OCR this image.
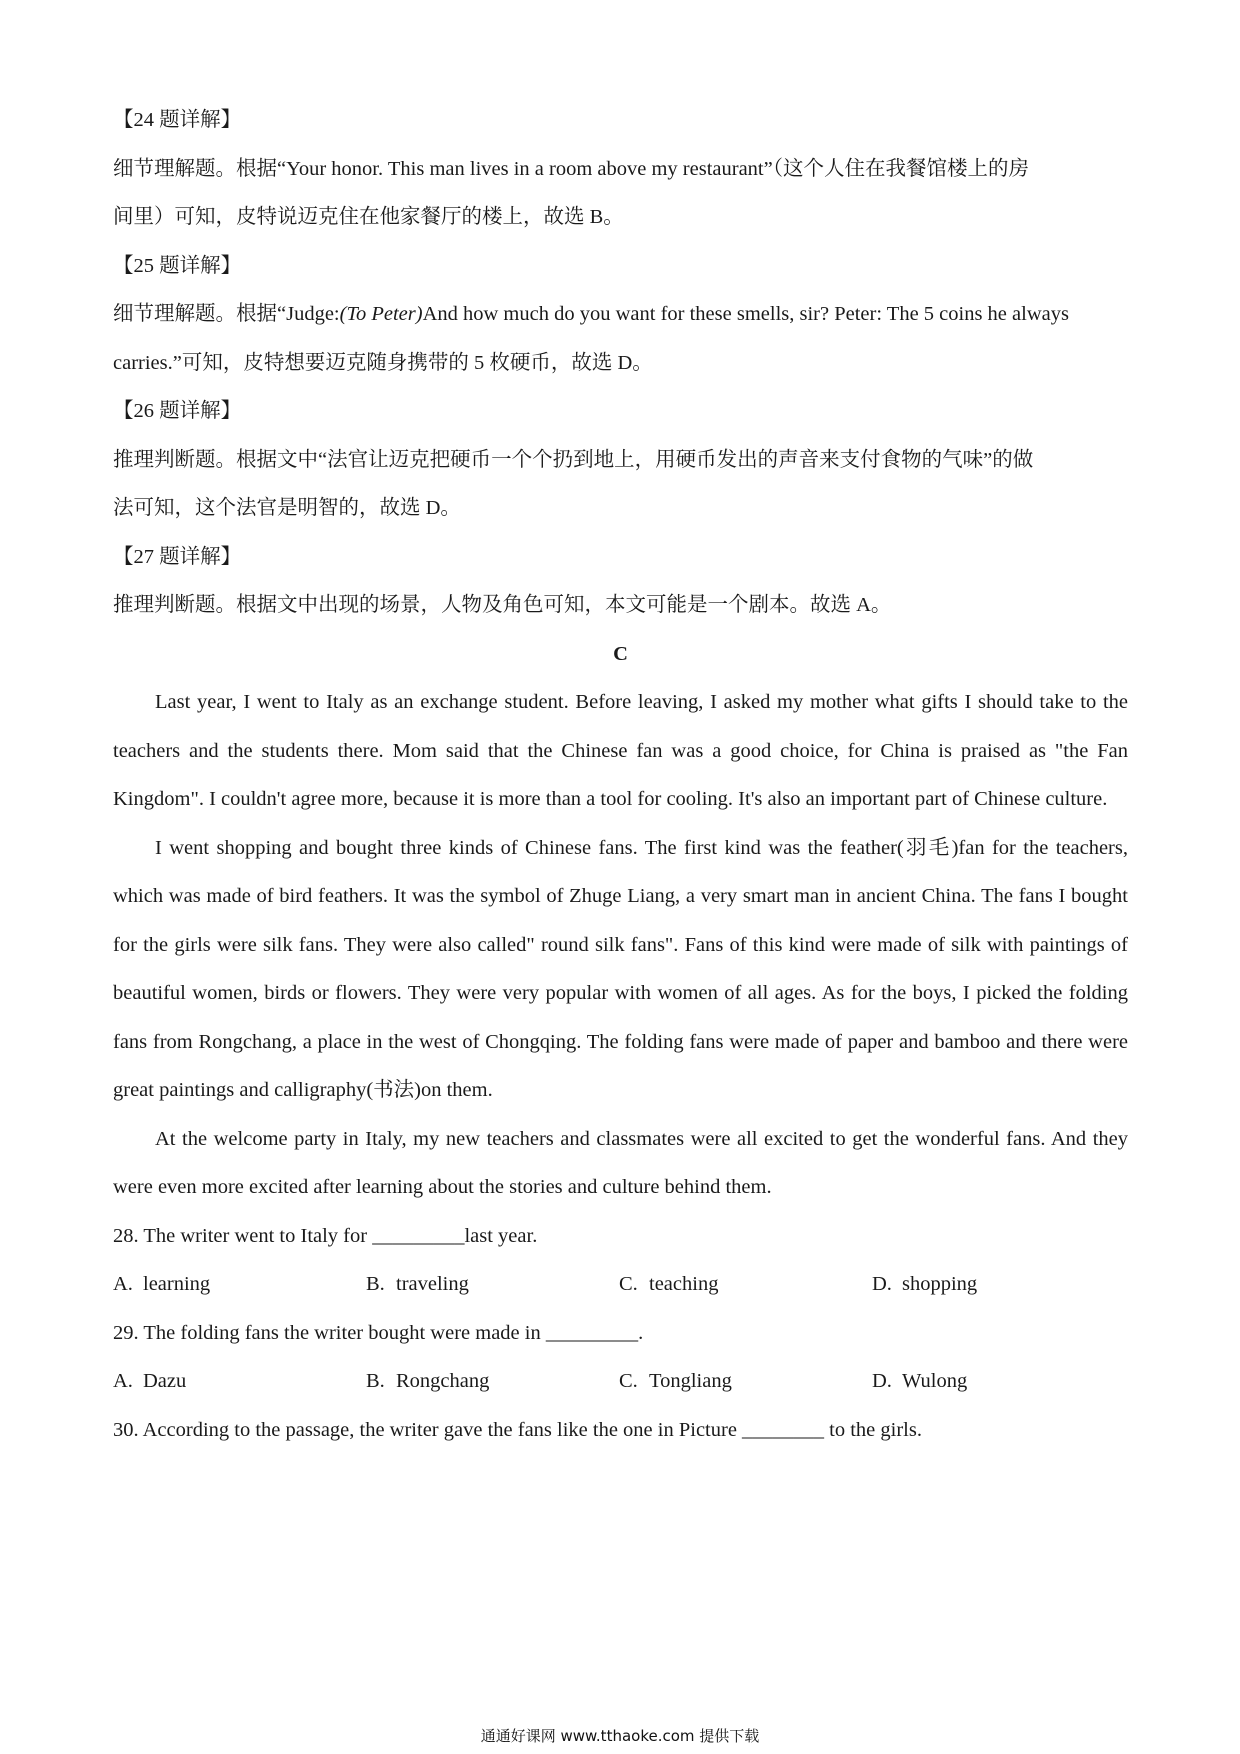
【24 题详解】

细节理解题。根据“Your honor. This man lives in a room above my restaurant”（这个人住在我餐馆楼上的房

间里）可知，皮特说迈克住在他家餐厅的楼上，故选 B。

【25 题详解】

细节理解题。根据“Judge:(To Peter)And how much do you want for these smells, sir? Peter: The 5 coins he always

carries.”可知，皮特想要迈克随身携带的 5 枚硬币，故选 D。

【26 题详解】

推理判断题。根据文中“法官让迈克把硬币一个个扔到地上，用硬币发出的声音来支付食物的气味”的做

法可知，这个法官是明智的，故选 D。

【27 题详解】

推理判断题。根据文中出现的场景，人物及角色可知，本文可能是一个剧本。故选 A。

C

Last year, I went to Italy as an exchange student. Before leaving, I asked my mother what gifts I should take to the teachers and the students there. Mom said that the Chinese fan was a good choice, for China is praised as "the Fan Kingdom". I couldn't agree more, because it is more than a tool for cooling. It's also an important part of Chinese culture.

I went shopping and bought three kinds of Chinese fans. The first kind was the feather(羽毛)fan for the teachers, which was made of bird feathers. It was the symbol of Zhuge Liang, a very smart man in ancient China. The fans I bought for the girls were silk fans. They were also called" round silk fans". Fans of this kind were made of silk with paintings of beautiful women, birds or flowers. They were very popular with women of all ages. As for the boys, I picked the folding fans from Rongchang, a place in the west of Chongqing. The folding fans were made of paper and bamboo and there were great paintings and calligraphy(书法)on them.

At the welcome party in Italy, my new teachers and classmates were all excited to get the wonderful fans. And they were even more excited after learning about the stories and culture behind them.

28. The writer went to Italy for _________last year.

A. learning	B. traveling	C. teaching	D. shopping

29. The folding fans the writer bought were made in _________.

A. Dazu	B. Rongchang	C. Tongliang	D. Wulong

30. According to the passage, the writer gave the fans like the one in Picture ________ to the girls.

通通好课网 www.tthaoke.com 提供下载
